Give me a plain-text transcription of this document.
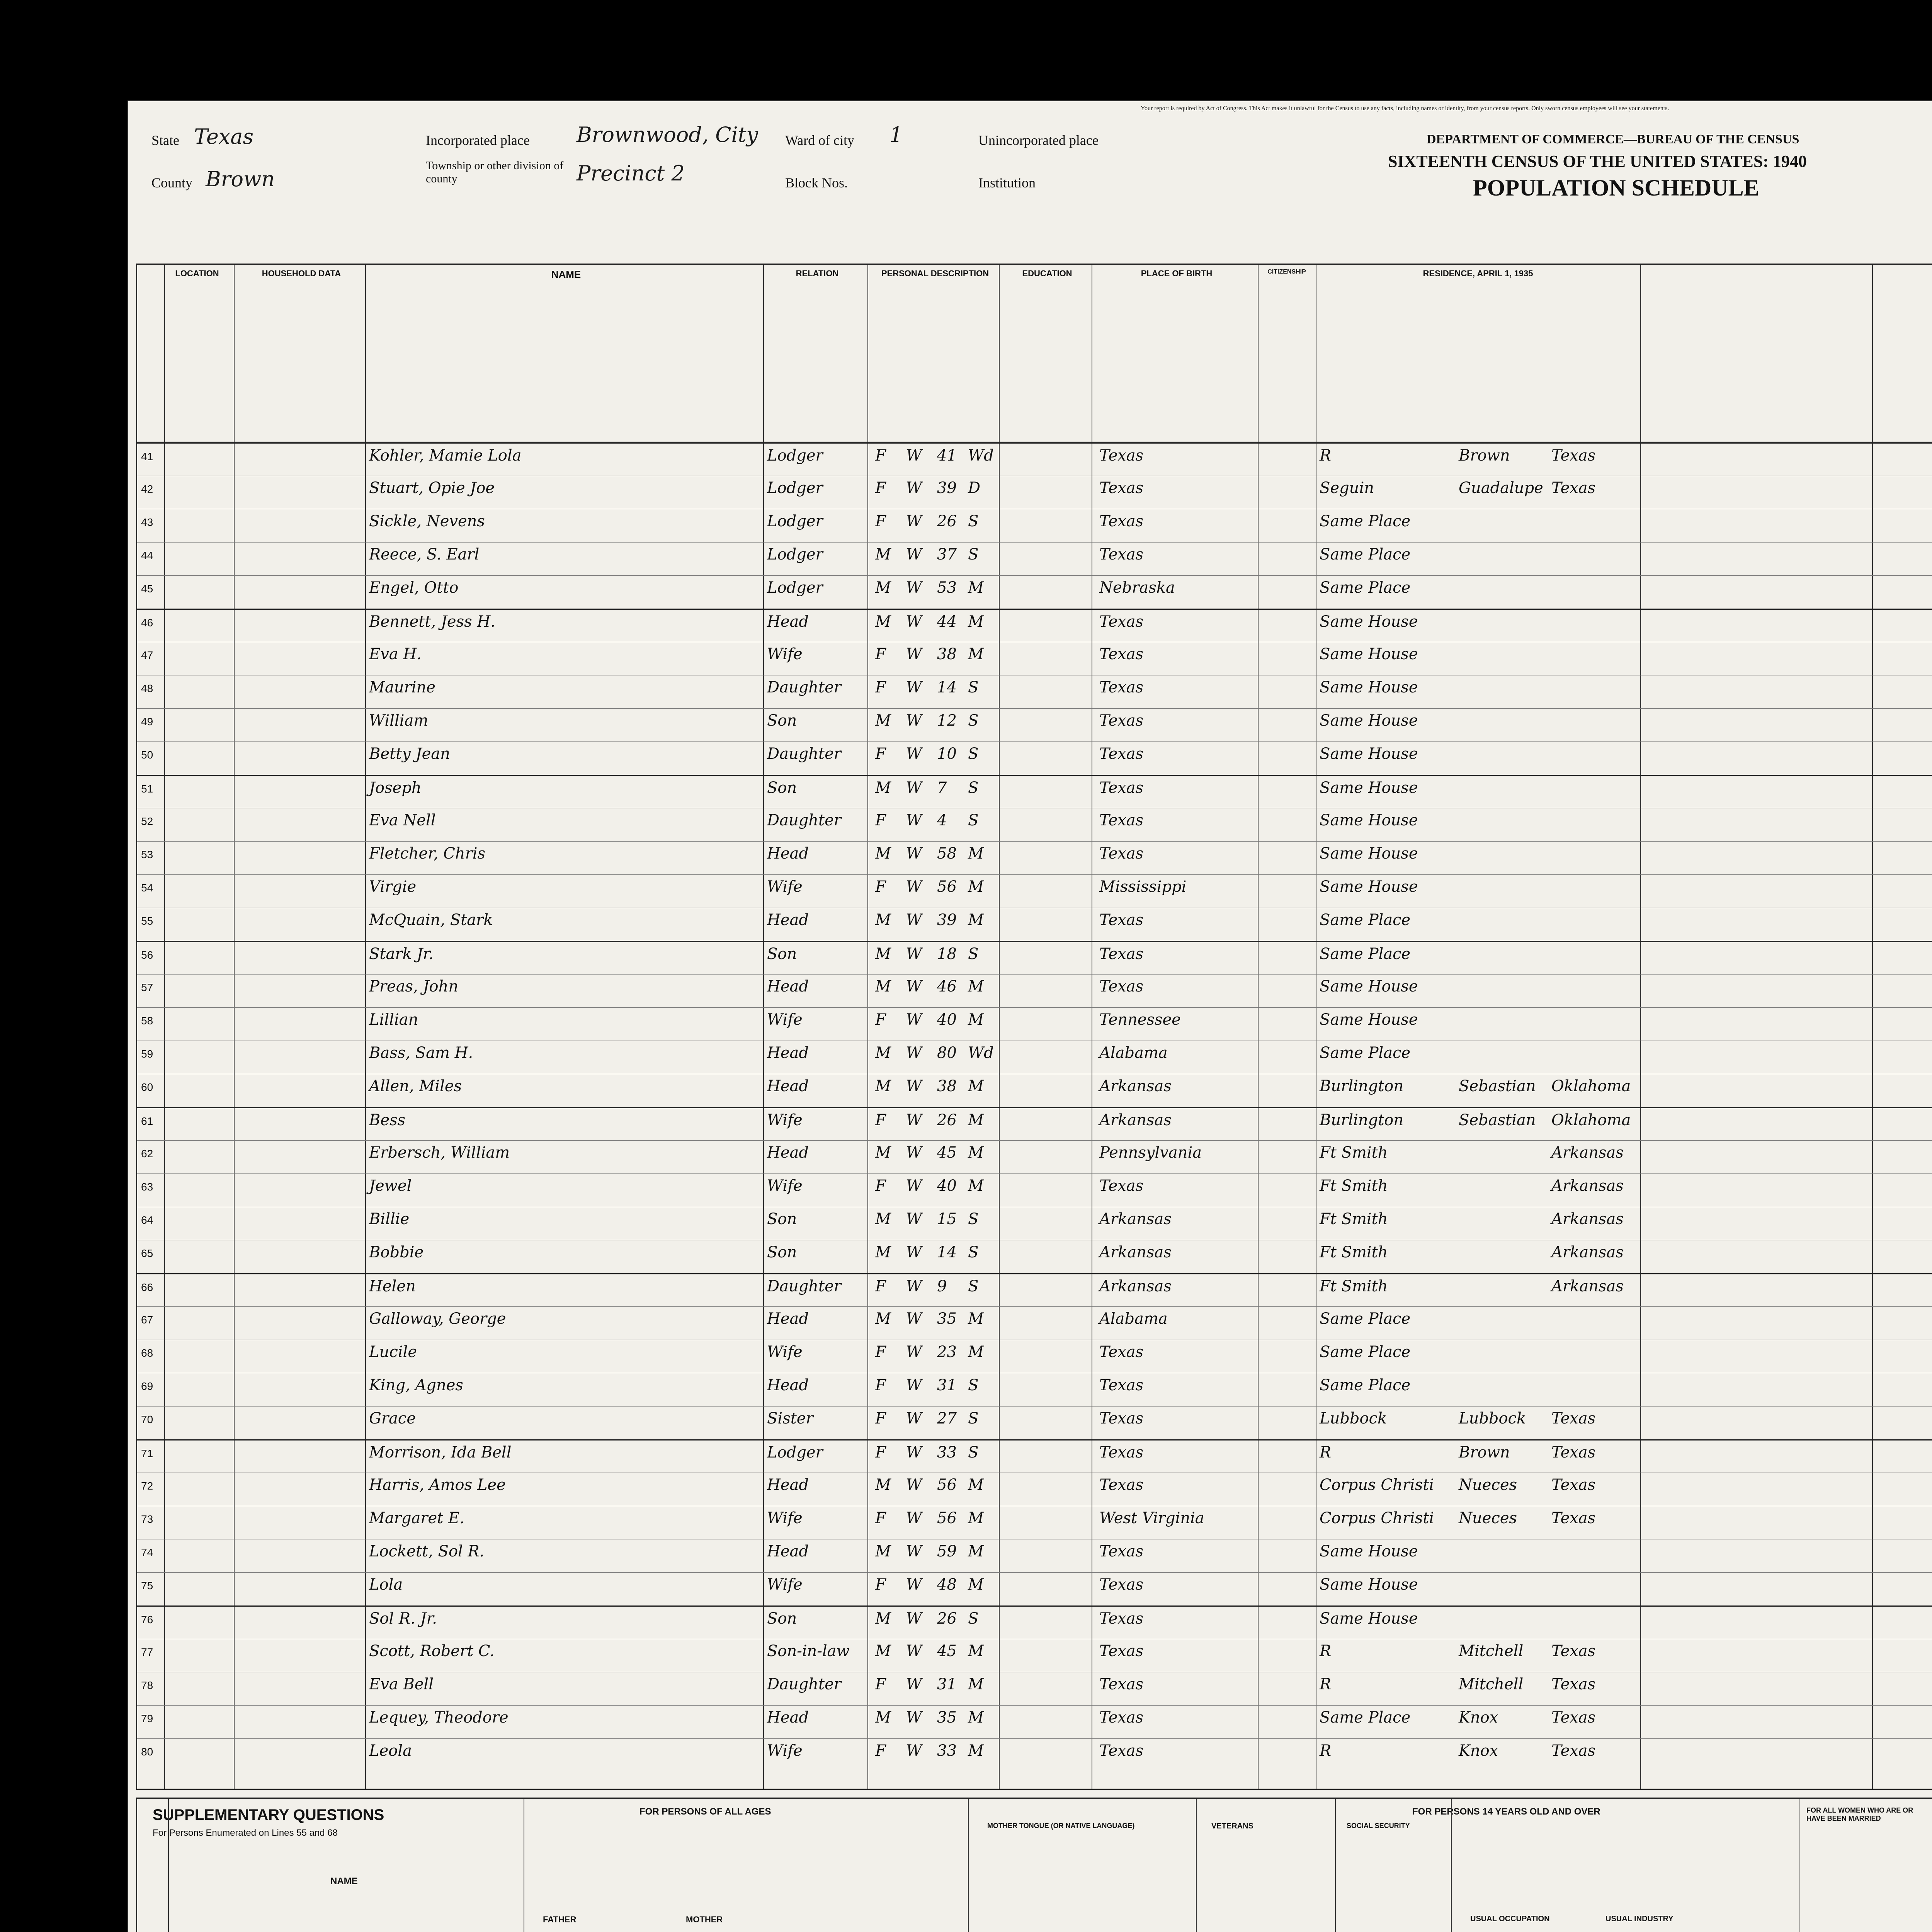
Your report is required by Act of Congress. This Act makes it unlawful for the Census to use any facts, including names or identity, from your census reports. Only sworn census employees will see your statements.
DEPARTMENT OF COMMERCE—BUREAU OF THE CENSUS
SIXTEENTH CENSUS OF THE UNITED STATES: 1940
POPULATION SCHEDULE
State Texas
County Brown
Incorporated place Brownwood, City
Township or other division of county	Precinct 2
Ward of city 1
Block Nos.
Unincorporated place
Institution
LOCATION	HOUSEHOLD DATA	NAME	RELATION	PERSONAL DESCRIPTION	EDUCATION	PLACE OF BIRTH	CITIZENSHIP	RESIDENCE, APRIL 1, 1935
41	Kohler, Mamie Lola	Lodger	F W 41 Wd	Texas	R	Brown	Texas
42	Stuart, Opie Joe	Lodger	F W 39 D	Texas	Seguin	Guadalupe Texas
43	Sickle, Nevens	Lodger	F W 26 S	Texas	Same Place
44	Reece, S. Earl	Lodger	M W 37 S	Texas	Same Place
45	Engel, Otto	Lodger	M W 53 M	Nebraska	Same Place
46	Bennett, Jess H.	Head	M W 44 M	Texas	Same House
47	Eva H.	Wife	F W 38 M	Texas	Same House
48	Maurine	Daughter F W 14 S	Texas	Same House
49	William	Son	M W 12 S	Texas	Same House
50	Betty Jean	Daughter F W 10 S	Texas	Same House
51	Joseph	Son	M W 7 S	Texas	Same House
52	Eva Nell	Daughter F W 4 S	Texas	Same House
53	Fletcher, Chris	Head	M W 58 M	Texas	Same House
54	Virgie	Wife	F W 56 M	Mississippi	Same House
55	McQuain, Stark	Head	M W 39 M	Texas	Same Place
56	Stark Jr.	Son	M W 18 S	Texas	Same Place
57	Preas, John	Head	M W 46 M	Texas	Same House
58	Lillian	Wife	F W 40 M	Tennessee	Same House
59	Bass, Sam H.	Head	M W 80 Wd	Alabama	Same Place
60	Allen, Miles	Head	M W 38 M	Arkansas	Burlington	Sebastian Oklahoma
61	Bess	Wife	F W 26 M	Arkansas	Burlington	Sebastian Oklahoma
62	Erbersch, William	Head	M W 45 M	Pennsylvania	Ft Smith	Arkansas
63	Jewel	Wife	F W 40 M	Texas	Ft Smith	Arkansas
64	Billie	Son	M W 15 S	Arkansas	Ft Smith	Arkansas
65	Bobbie	Son	M W 14 S	Arkansas	Ft Smith	Arkansas
66	Helen	Daughter F W 9 S	Arkansas	Ft Smith	Arkansas
67	Galloway, George	Head	M W 35 M	Alabama	Same Place
68	Lucile	Wife	F W 23 M	Texas	Same Place
69	King, Agnes	Head	F W 31 S	Texas	Same Place
70	Grace	Sister	F W 27 S	Texas	Lubbock	Lubbock Texas
71	Morrison, Ida Bell	Lodger	F W 33 S	Texas	R	Brown	Texas
72	Harris, Amos Lee	Head	M W 56 M	Texas	Corpus Christi Nueces Texas
73	Margaret E.	Wife	F W 56 M	West Virginia	Corpus Christi Nueces Texas
74	Lockett, Sol R.	Head	M W 59 M	Texas	Same House
75	Lola	Wife	F W 48 M	Texas	Same House
76	Sol R. Jr.	Son	M W 26 S	Texas	Same House
77	Scott, Robert C.	Son-in-law M W 45 M	Texas	R	Mitchell Texas
78	Eva Bell	Daughter F W 31 M	Texas	R	Mitchell Texas
79	Lequey, Theodore	Head	M W 35 M	Texas	Same Place	Knox	Texas
80	Leola	Wife	F W 33 M	Texas	R	Knox	Texas
SUPPLEMENTARY QUESTIONS
For Persons Enumerated on Lines 55 and 68
FOR PERSONS OF ALL AGES	FOR PERSONS 14 YEARS OLD AND OVER	FOR ALL WOMEN WHO ARE OR HAVE BEEN MARRIED
NAME
FATHER	MOTHER
MOTHER TONGUE (OR NATIVE LANGUAGE)	VETERANS	SOCIAL SECURITY
USUAL OCCUPATION	USUAL INDUSTRY
